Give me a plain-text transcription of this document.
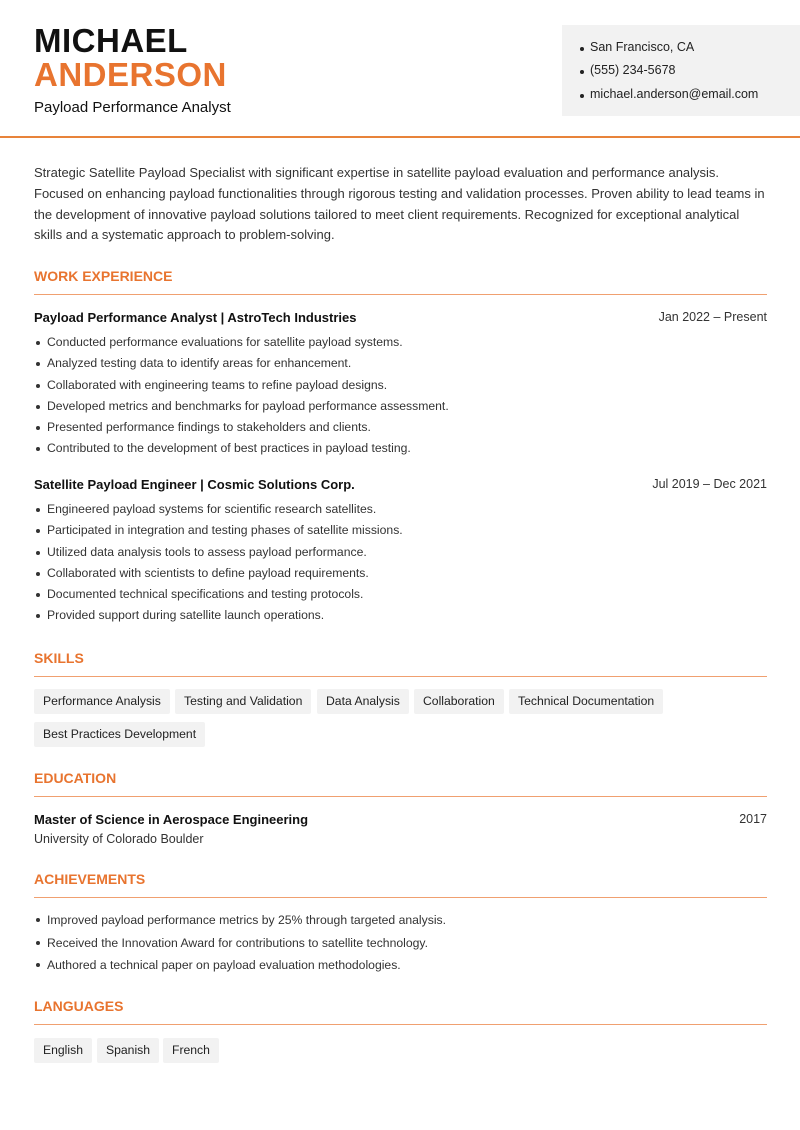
MICHAEL
ANDERSON
Payload Performance Analyst
San Francisco, CA
(555) 234-5678
michael.anderson@email.com
Strategic Satellite Payload Specialist with significant expertise in satellite payload evaluation and performance analysis. Focused on enhancing payload functionalities through rigorous testing and validation processes. Proven ability to lead teams in the development of innovative payload solutions tailored to meet client requirements. Recognized for exceptional analytical skills and a systematic approach to problem-solving.
WORK EXPERIENCE
Payload Performance Analyst | AstroTech Industries	Jan 2022 – Present
Conducted performance evaluations for satellite payload systems.
Analyzed testing data to identify areas for enhancement.
Collaborated with engineering teams to refine payload designs.
Developed metrics and benchmarks for payload performance assessment.
Presented performance findings to stakeholders and clients.
Contributed to the development of best practices in payload testing.
Satellite Payload Engineer | Cosmic Solutions Corp.	Jul 2019 – Dec 2021
Engineered payload systems for scientific research satellites.
Participated in integration and testing phases of satellite missions.
Utilized data analysis tools to assess payload performance.
Collaborated with scientists to define payload requirements.
Documented technical specifications and testing protocols.
Provided support during satellite launch operations.
SKILLS
Performance Analysis	Testing and Validation	Data Analysis	Collaboration	Technical Documentation
Best Practices Development
EDUCATION
Master of Science in Aerospace Engineering	2017
University of Colorado Boulder
ACHIEVEMENTS
Improved payload performance metrics by 25% through targeted analysis.
Received the Innovation Award for contributions to satellite technology.
Authored a technical paper on payload evaluation methodologies.
LANGUAGES
English	Spanish	French
